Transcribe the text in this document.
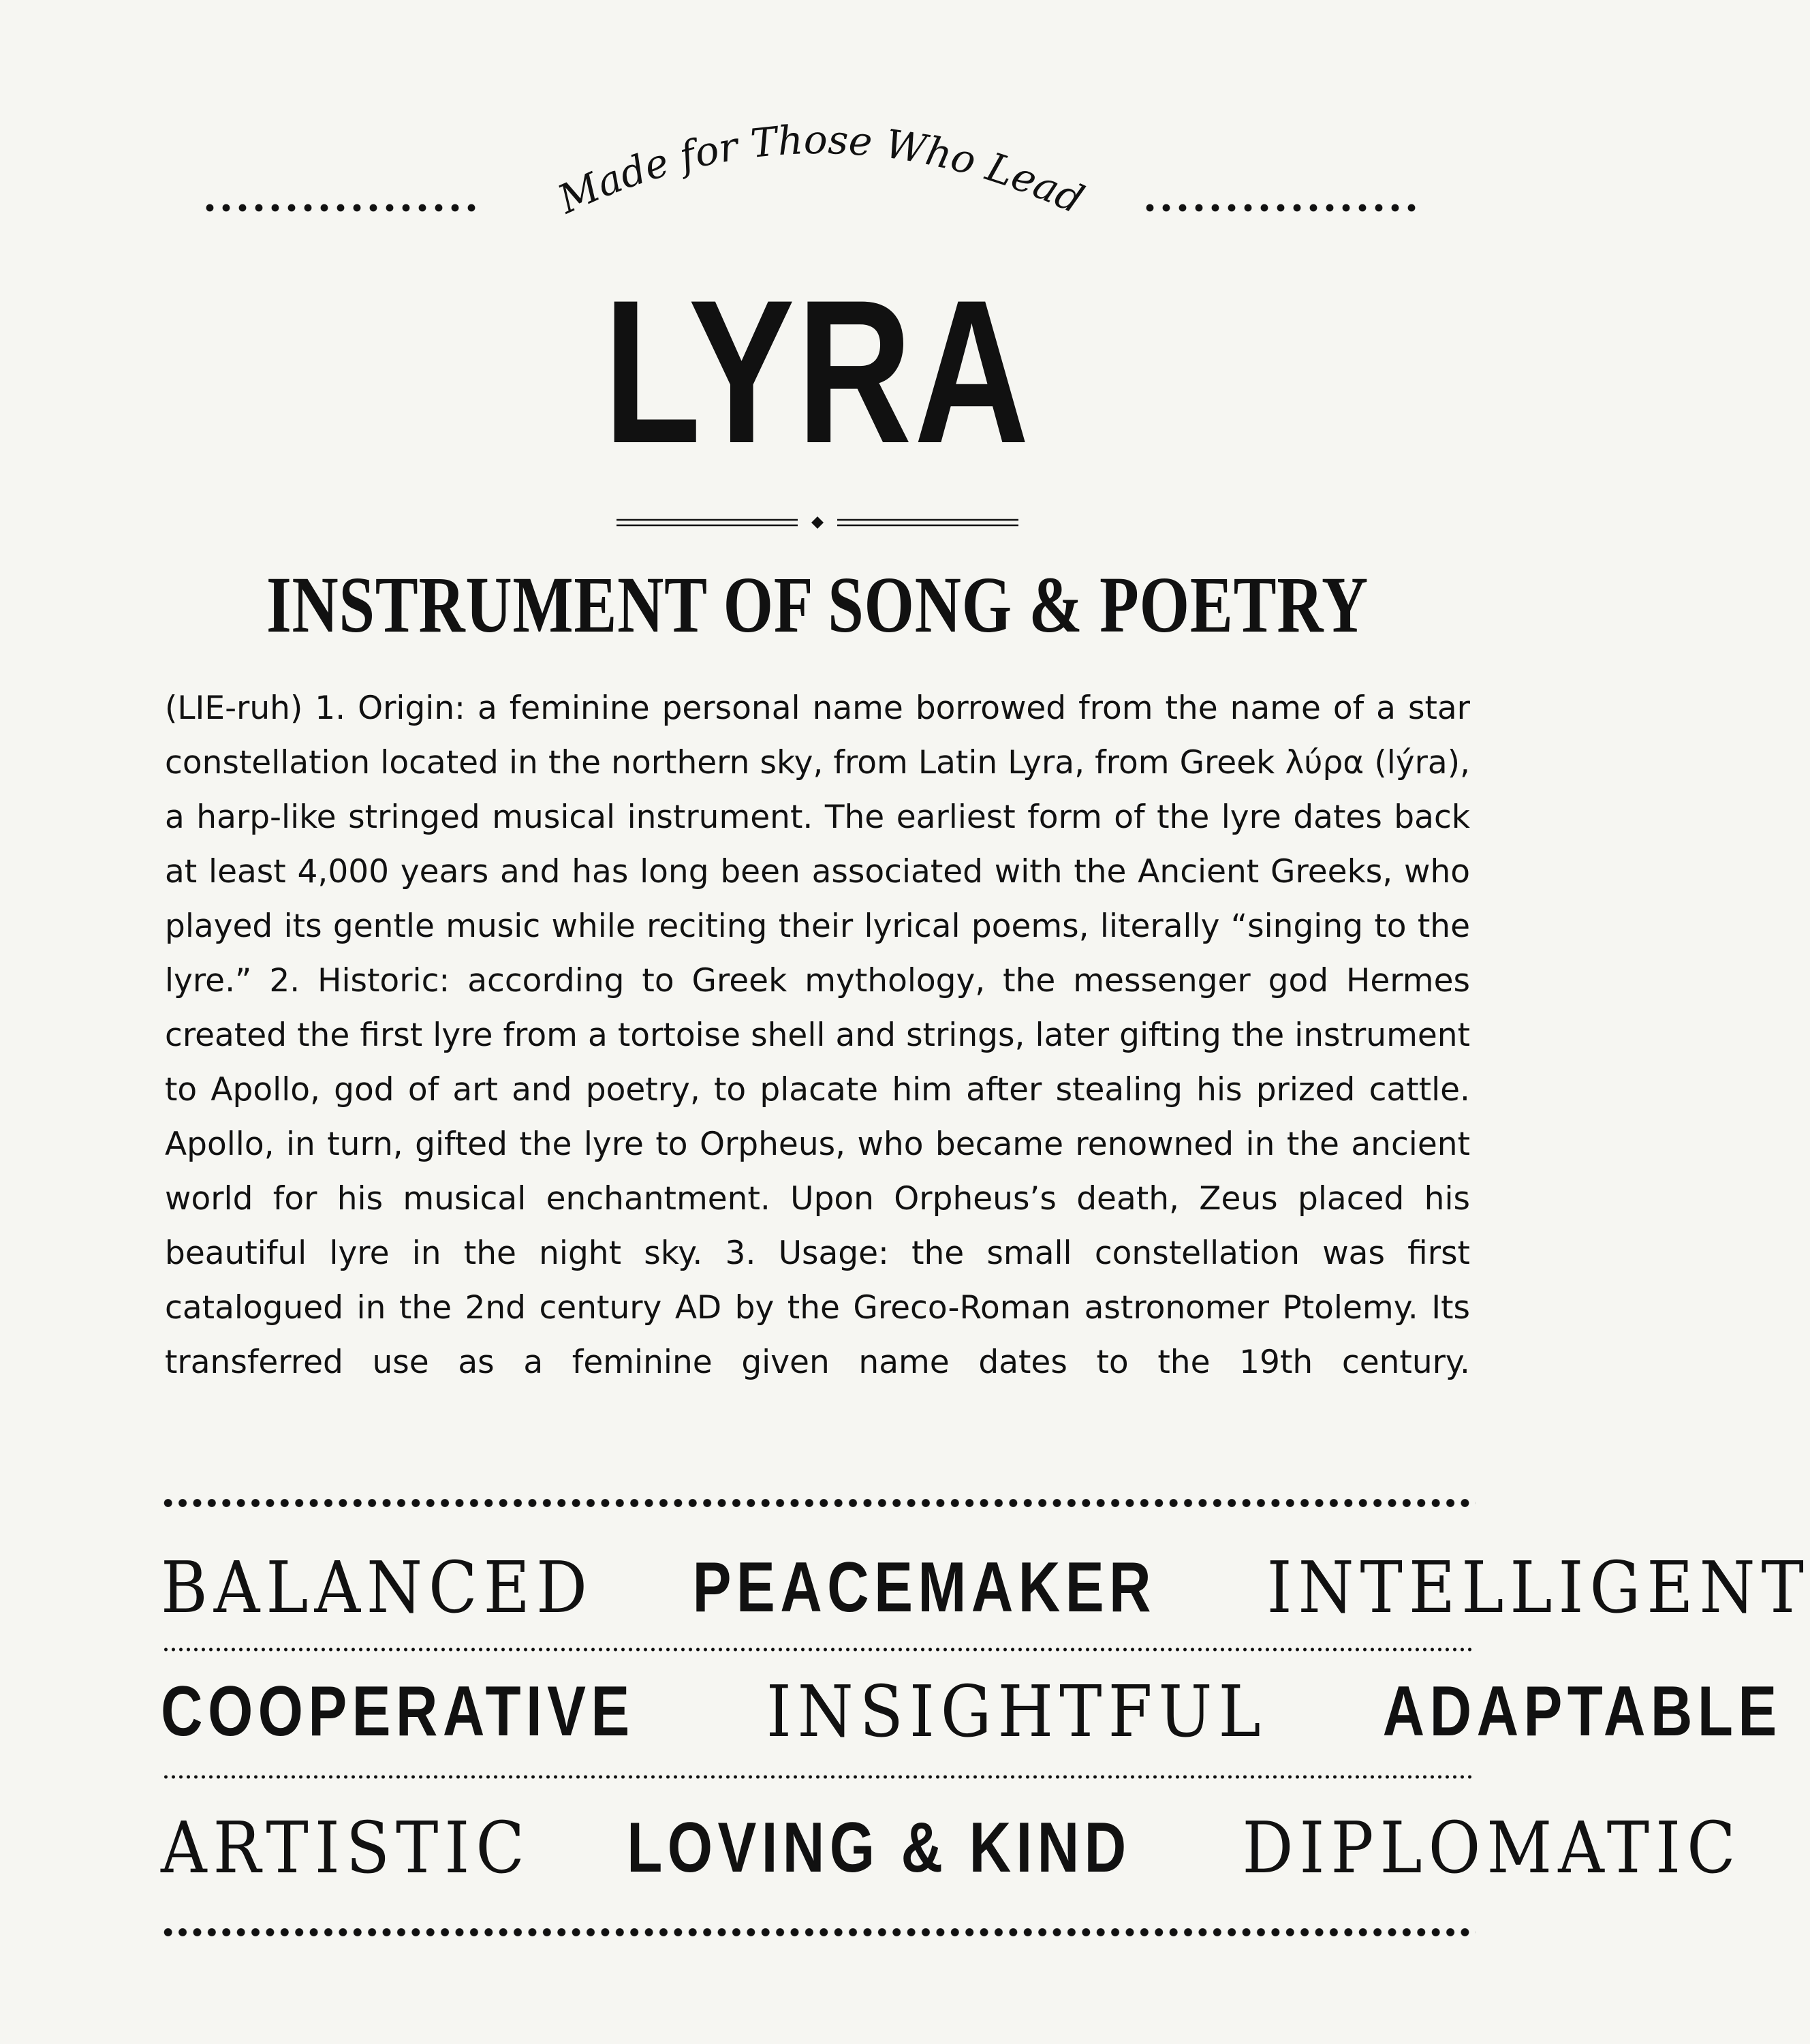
Made for Those Who Lead
LYRA
INSTRUMENT OF SONG & POETRY
(LIE-ruh) 1. Origin: a feminine personal name borrowed from the name of a star constellation located in the northern sky, from Latin Lyra, from Greek λύρα (lýra), a harp-like stringed musical instrument. The earliest form of the lyre dates back at least 4,000 years and has long been associated with the Ancient Greeks, who played its gentle music while reciting their lyrical poems, literally “singing to the lyre.” 2. Historic: according to Greek mythology, the messenger god Hermes created the first lyre from a tortoise shell and strings, later gifting the instrument to Apollo, god of art and poetry, to placate him after stealing his prized cattle. Apollo, in turn, gifted the lyre to Orpheus, who became renowned in the ancient world for his musical enchantment. Upon Orpheus’s death, Zeus placed his beautiful lyre in the night sky. 3. Usage: the small constellation was first catalogued in the 2nd century AD by the Greco-Roman astronomer Ptolemy. Its transferred use as a feminine given name dates to the 19th century.
BALANCED PEACEMAKER INTELLIGENT
COOPERATIVE INSIGHTFUL ADAPTABLE
ARTISTIC LOVING & KIND DIPLOMATIC
